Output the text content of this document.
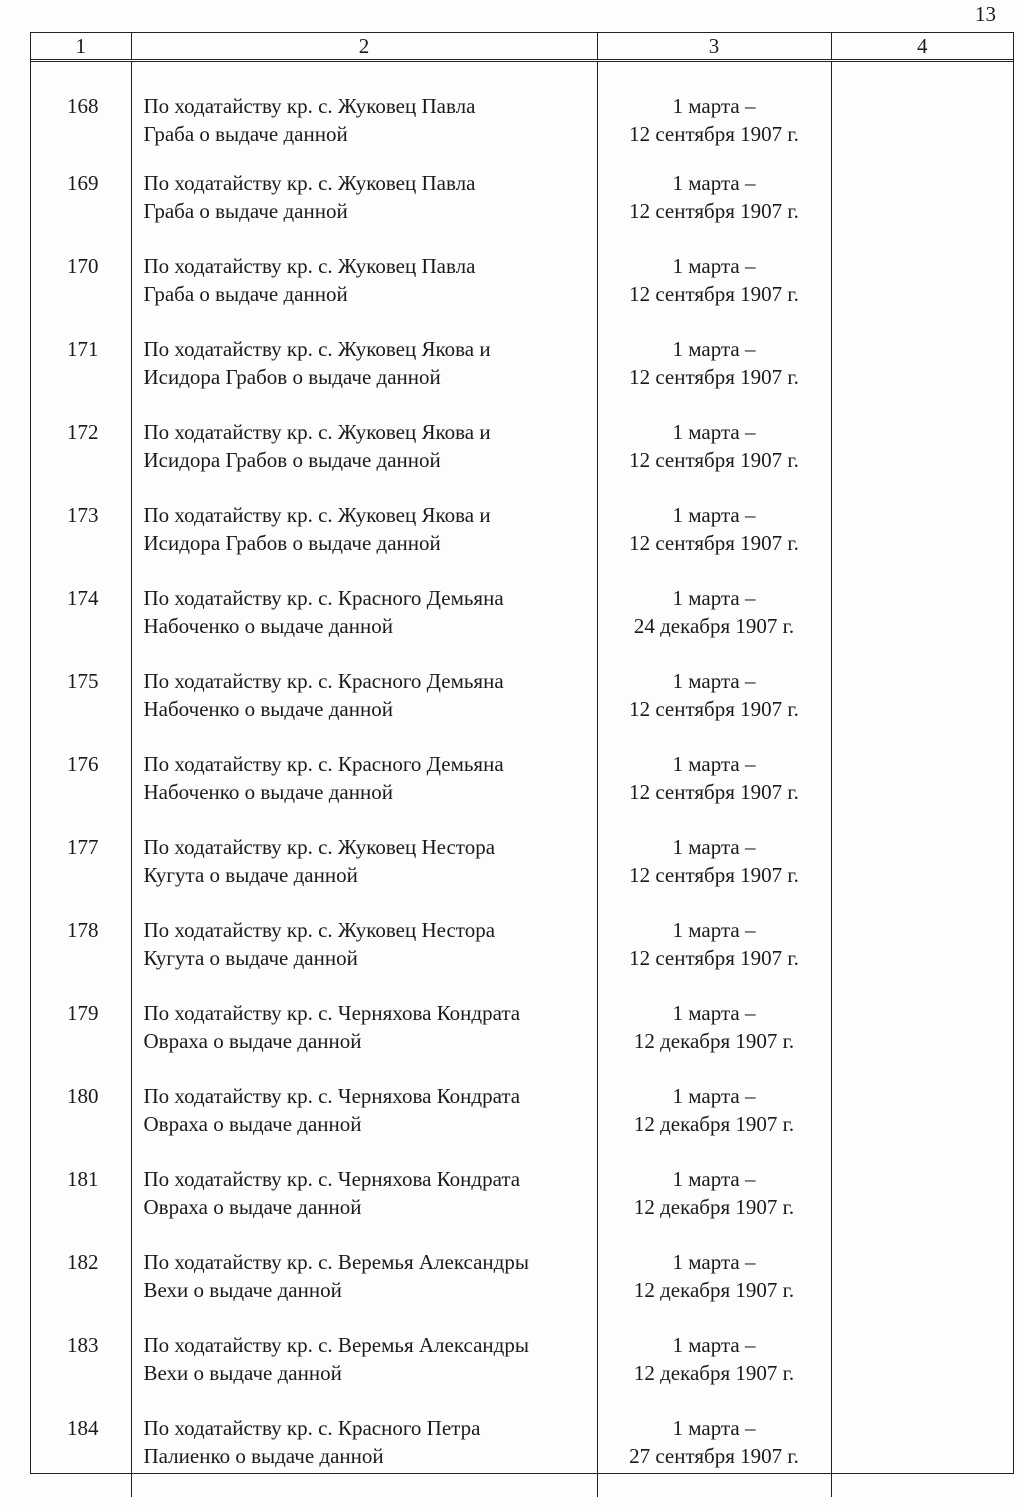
13
1	2	3	4
168	По ходатайству кр. с. Жуковец Павла
Граба о выдаче данной	1 марта –
12 сентября 1907 г.	

169	По ходатайству кр. с. Жуковец Павла
Граба о выдаче данной	1 марта –
12 сентября 1907 г.	

170	По ходатайству кр. с. Жуковец Павла
Граба о выдаче данной	1 марта –
12 сентября 1907 г.	

171	По ходатайству кр. с. Жуковец Якова и
Исидора Грабов о выдаче данной	1 марта –
12 сентября 1907 г.	

172	По ходатайству кр. с. Жуковец Якова и
Исидора Грабов о выдаче данной	1 марта –
12 сентября 1907 г.	

173	По ходатайству кр. с. Жуковец Якова и
Исидора Грабов о выдаче данной	1 марта –
12 сентября 1907 г.	

174	По ходатайству кр. с. Красного Демьяна
Набоченко о выдаче данной	1 марта –
24 декабря 1907 г.	

175	По ходатайству кр. с. Красного Демьяна
Набоченко о выдаче данной	1 марта –
12 сентября 1907 г.	

176	По ходатайству кр. с. Красного Демьяна
Набоченко о выдаче данной	1 марта –
12 сентября 1907 г.	

177	По ходатайству кр. с. Жуковец Нестора
Кугута о выдаче данной	1 марта –
12 сентября 1907 г.	

178	По ходатайству кр. с. Жуковец Нестора
Кугута о выдаче данной	1 марта –
12 сентября 1907 г.	

179	По ходатайству кр. с. Черняхова Кондрата
Овраха о выдаче данной	1 марта –
12 декабря 1907 г.	

180	По ходатайству кр. с. Черняхова Кондрата
Овраха о выдаче данной	1 марта –
12 декабря 1907 г.	

181	По ходатайству кр. с. Черняхова Кондрата
Овраха о выдаче данной	1 марта –
12 декабря 1907 г.	

182	По ходатайству кр. с. Веремья Александры
Вехи о выдаче данной	1 марта –
12 декабря 1907 г.	

183	По ходатайству кр. с. Веремья Александры
Вехи о выдаче данной	1 марта –
12 декабря 1907 г.	

184	По ходатайству кр. с. Красного Петра
Палиенко о выдаче данной	1 марта –
27 сентября 1907 г.	
